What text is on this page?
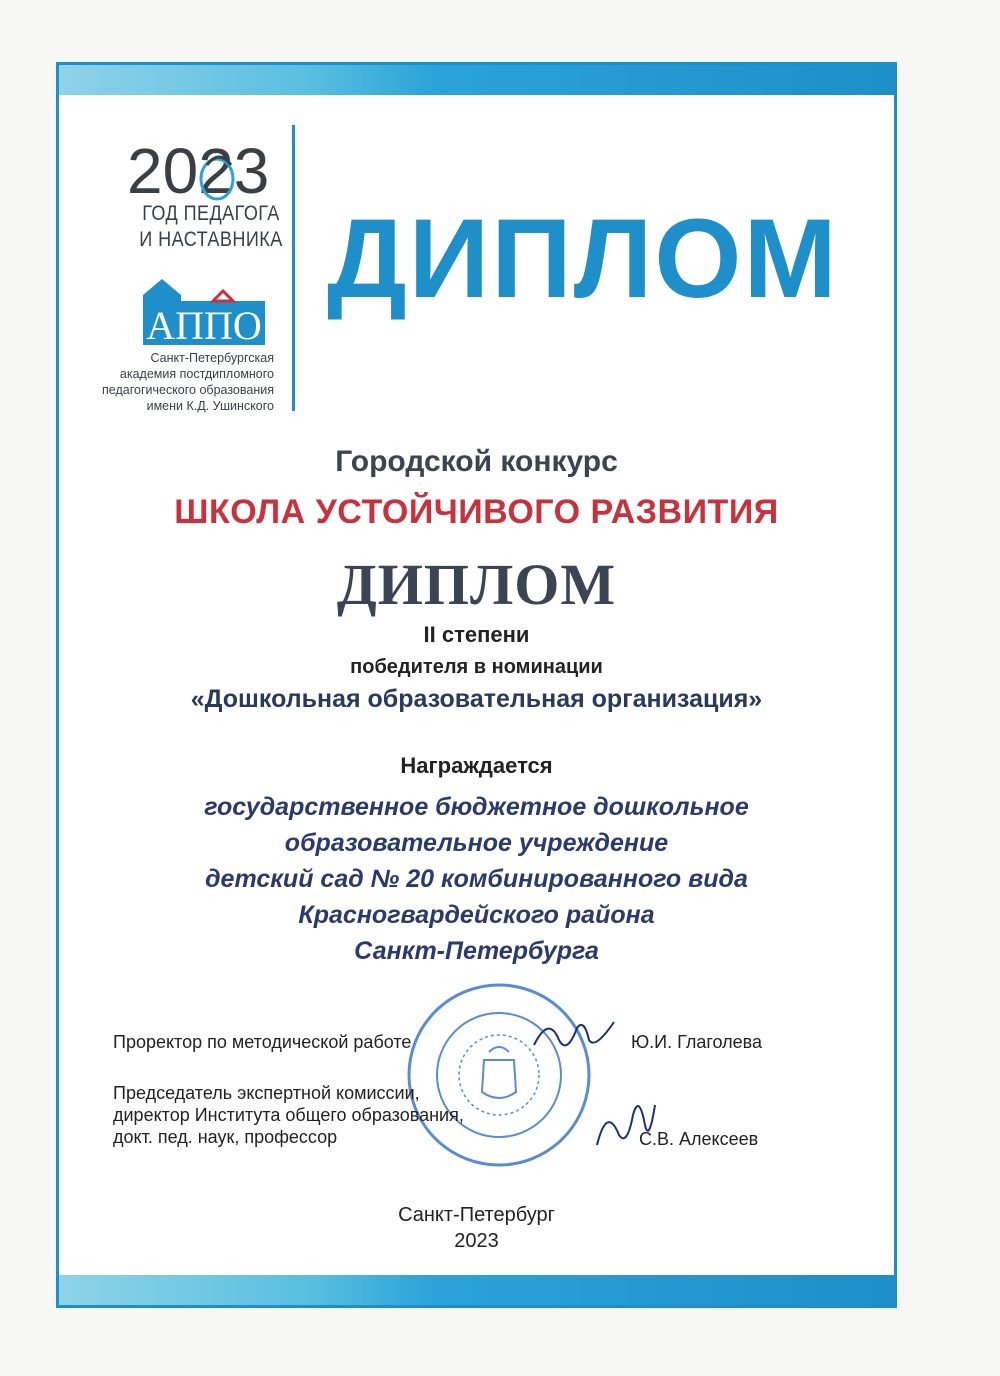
2023
ГОД ПЕДАГОГА
И НАСТАВНИКА
АППО
Санкт-Петербургская
академия постдипломного
педагогического образования
имени К.Д. Ушинского
ДИПЛОМ
Городской конкурс
ШКОЛА УСТОЙЧИВОГО РАЗВИТИЯ
ДИПЛОМ
II степени
победителя в номинации
«Дошкольная образовательная организация»
Награждается
государственное бюджетное дошкольное
образовательное учреждение
детский сад № 20 комбинированного вида
Красногвардейского района
Санкт-Петербурга
Проректор по методической работе	Ю.И. Глаголева
Председатель экспертной комиссии,
директор Института общего образования,
докт. пед. наук, профессор	С.В. Алексеев
Санкт-Петербург
2023
